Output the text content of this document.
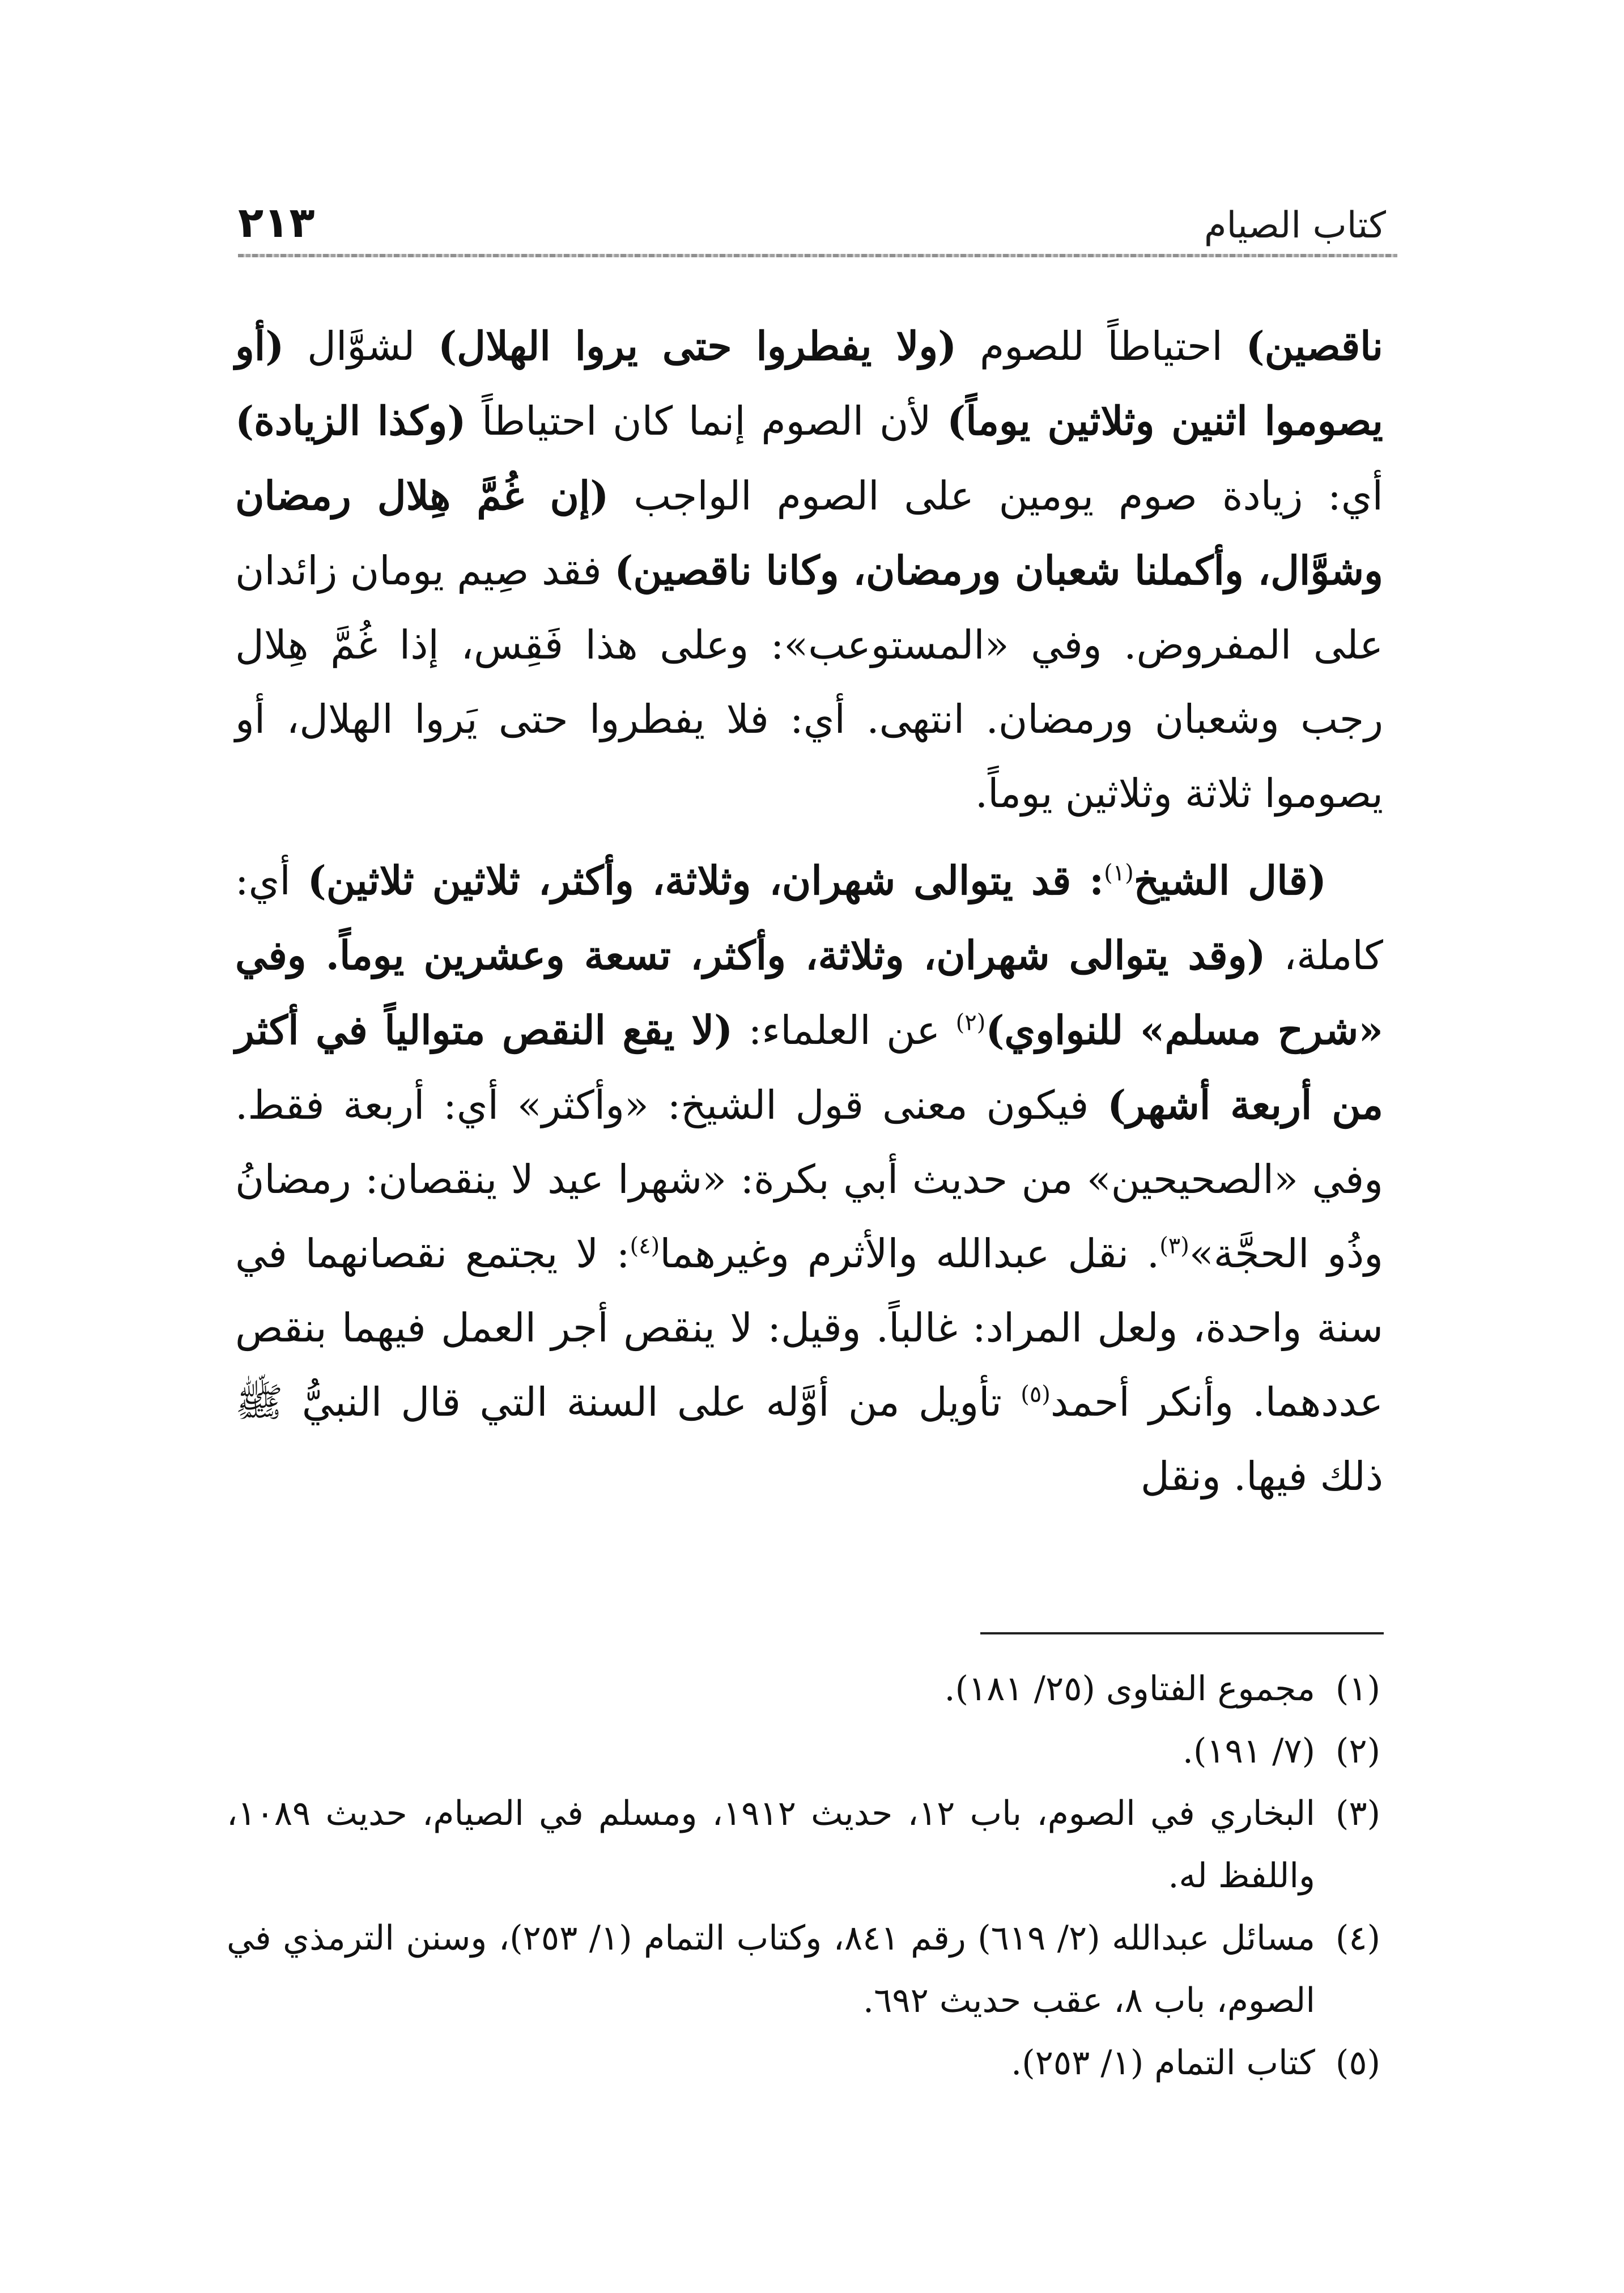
كتاب الصيام
٢١٣

ناقصين) احتياطاً للصوم (ولا يفطروا حتى يروا الهلال) لشوَّال (أو يصوموا اثنين وثلاثين يوماً) لأن الصوم إنما كان احتياطاً (وكذا الزيادة) أي: زيادة صوم يومين على الصوم الواجب (إن غُمَّ هِلال رمضان وشوَّال، وأكملنا شعبان ورمضان، وكانا ناقصين) فقد صِيم يومان زائدان على المفروض. وفي «المستوعب»: وعلى هذا فَقِس، إذا غُمَّ هِلال رجب وشعبان ورمضان. انتهى. أي: فلا يفطروا حتى يَروا الهلال، أو يصوموا ثلاثة وثلاثين يوماً.

(قال الشيخ$^{(١)}$: قد يتوالى شهران، وثلاثة، وأكثر، ثلاثين ثلاثين) أي: كاملة، (وقد يتوالى شهران، وثلاثة، وأكثر، تسعة وعشرين يوماً. وفي «شرح مسلم» للنواوي)$^{(٢)}$ عن العلماء: (لا يقع النقص متوالياً في أكثر من أربعة أشهر) فيكون معنى قول الشيخ: «وأكثر» أي: أربعة فقط. وفي «الصحيحين» من حديث أبي بكرة: «شهرا عيد لا ينقصان: رمضانُ وذُو الحجَّة»$^{(٣)}$. نقل عبدالله والأثرم وغيرهما$^{(٤)}$: لا يجتمع نقصانهما في سنة واحدة، ولعل المراد: غالباً. وقيل: لا ينقص أجر العمل فيهما بنقص عددهما. وأنكر أحمد$^{(٥)}$ تأويل من أوَّله على السنة التي قال النبيُّ ﷺ ذلك فيها. ونقل

(١)
مجموع الفتاوى (٢٥/ ١٨١).
(٢)
(٧/ ١٩١).
(٣)
البخاري في الصوم، باب ١٢، حديث ١٩١٢، ومسلم في الصيام، حديث ١٠٨٩، واللفظ له.
(٤)
مسائل عبدالله (٢/ ٦١٩) رقم ٨٤١، وكتاب التمام (١/ ٢٥٣)، وسنن الترمذي في الصوم، باب ٨، عقب حديث ٦٩٢.
(٥)
كتاب التمام (١/ ٢٥٣).
